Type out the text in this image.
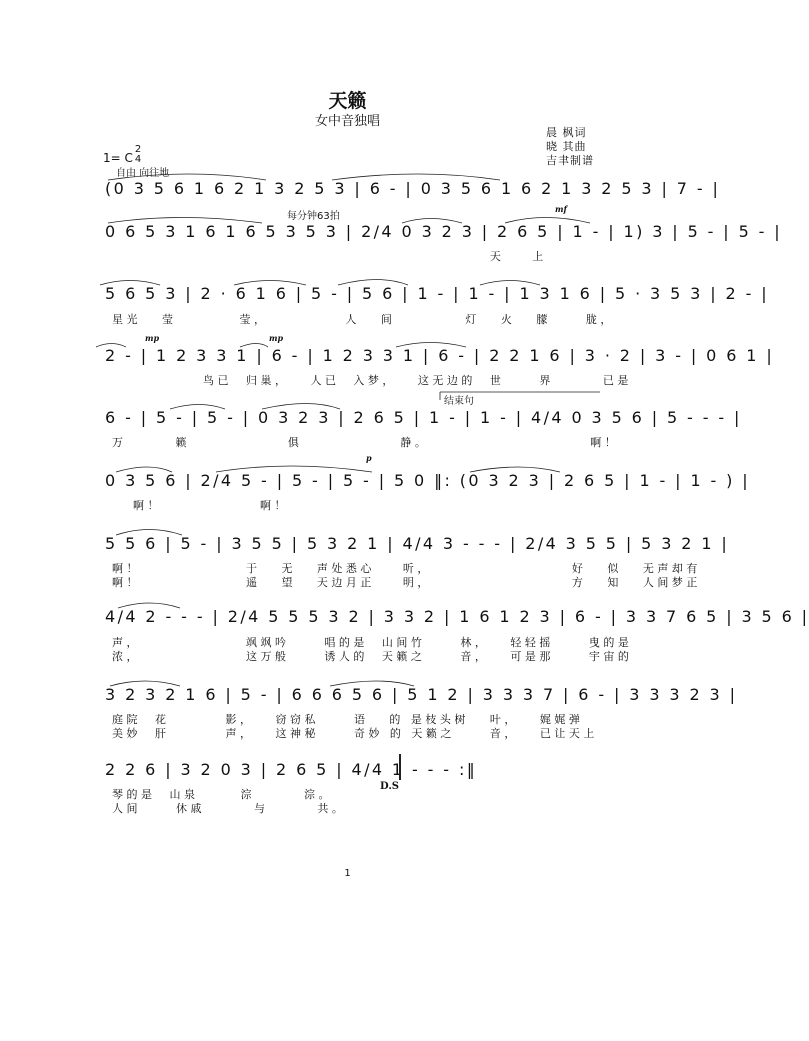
天籁
女中音独唱
晨 枫词
晓 其曲
吉聿制谱
1= C
2
4
自由 向往地
每分钟63拍
结束句
mf
mp	mp
p
(0 3 5 6 1 6 2 1 3 2 5 3 | 6 - | 0 3 5 6 1 6 2 1 3 2 5 3 | 7 - |
0 6 5 3 1 6 1 6 5 3 5 3 | 2/4 0 3 2 3 | 2 6 5 | 1 - | 1) 3 | 5 - | 5 - |
天    上
5 6 5 3 | 2 · 6 1 6 | 5 - | 5 6 | 1 - | 1 - | 1 3 1 6 | 5 · 3 5 3 | 2 - |
星光   莹         莹，           人   间          灯   火   朦     胧，
2 - | 1 2 3 3 1 | 6 - | 1 2 3 3 1 | 6 - | 2 2 1 6 | 3 · 2 | 3 - | 0 6 1 |
鸟已  归巢，   人已  入梦，   这无边的  世     界       已是
6 - | 5 - | 5 - | 0 3 2 3 | 2 6 5 | 1 - | 1 - | 4/4 0 3 5 6 | 5 - - - |
万       籁              俱              静。                       啊！
0 3 5 6 | 2/4 5 - | 5 - | 5 - | 5 0 ‖: (0 3 2 3 | 2 6 5 | 1 - | 1 - ) |
啊！              啊！
5 5 6 | 5 - | 3 5 5 | 5 3 2 1 | 4/4 3 - - - | 2/4 3 5 5 | 5 3 2 1 |
啊！               于   无   声处悉心    听，                    好   似   无声却有
啊！               遥   望   天边月正    明，                    方   知   人间梦正
4/4 2 - - - | 2/4 5 5 5 3 2 | 3 3 2 | 1 6 1 2 3 | 6 - | 3 3 7 6 5 | 3 5 6 |
声，               飒飒吟     唱的是  山间竹     林，   轻轻摇     曳的是
浓，               这万般     诱人的  天籁之     音，   可是那     宇宙的
3 2 3 2 1 6 | 5 - | 6 6 6 5 6 | 5 1 2 | 3 3 3 7 | 6 - | 3 3 3 2 3 |
庭院  花        影，   窃窃私     语   的 是枝头树   叶，   娓娓弹
美妙  肝        声，   这神秘     奇妙 的 天籁之     音，   已让天上
2 2 6 | 3 2 0 3 | 2 6 5 | 4/4 1 - - - :‖
琴的是  山泉      淙       淙。
人间     休戚       与       共。
D.S
1
